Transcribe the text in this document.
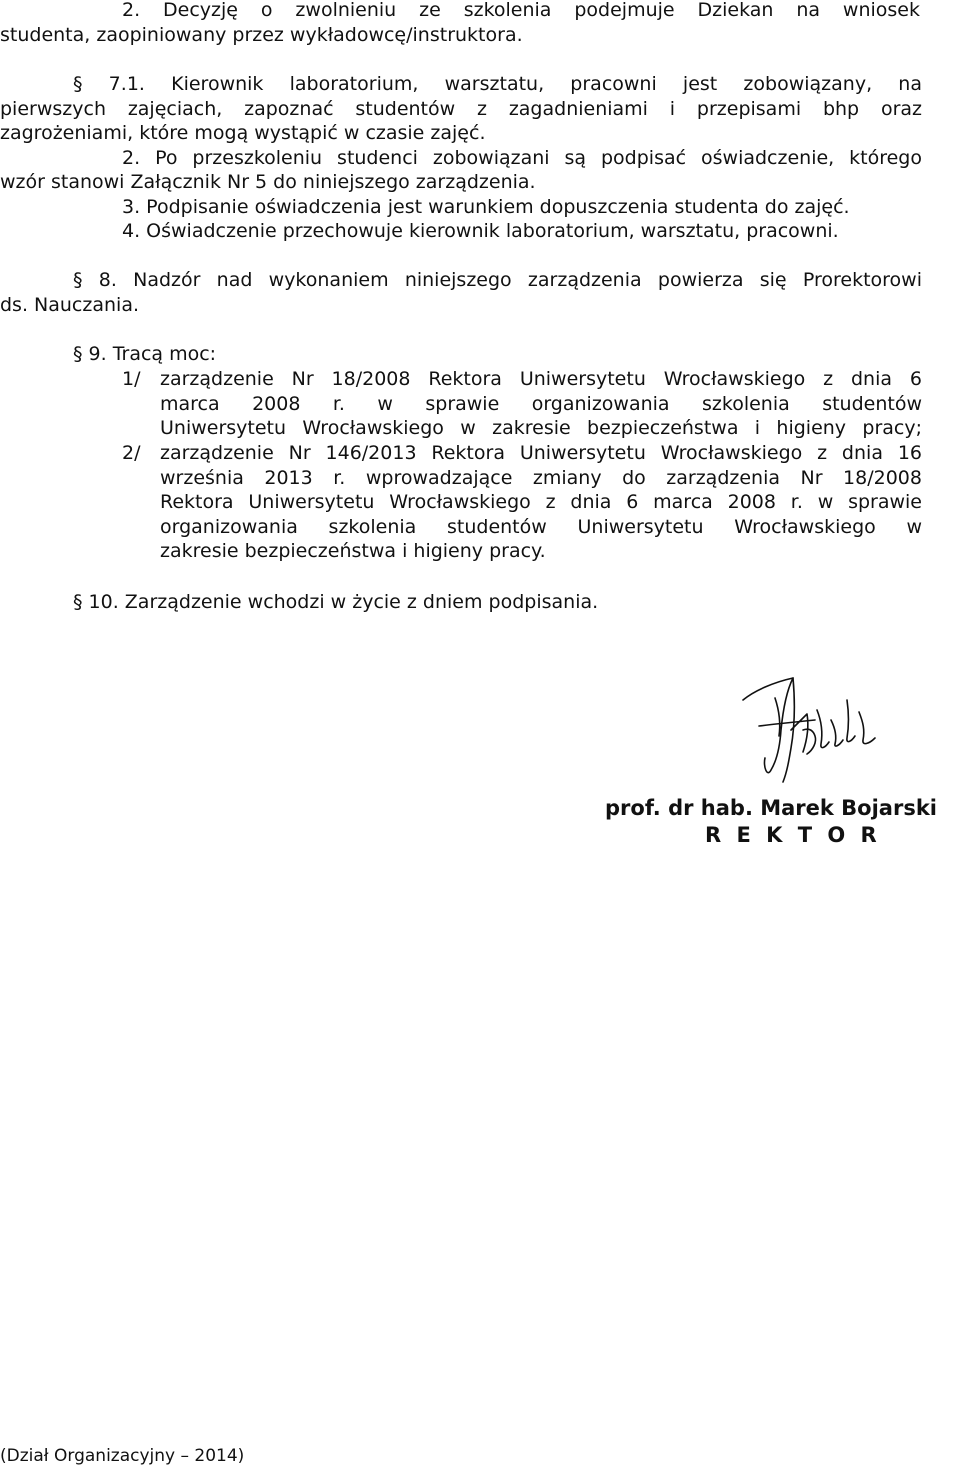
2. Decyzję o zwolnieniu ze szkolenia podejmuje Dziekan na wniosek
studenta, zaopiniowany przez wykładowcę/instruktora.
§ 7.1. Kierownik laboratorium, warsztatu, pracowni jest zobowiązany, na
pierwszych zajęciach, zapoznać studentów z zagadnieniami i przepisami bhp oraz
zagrożeniami, które mogą wystąpić w czasie zajęć.
2. Po przeszkoleniu studenci zobowiązani są podpisać oświadczenie, którego
wzór stanowi Załącznik Nr 5 do niniejszego zarządzenia.
3. Podpisanie oświadczenia jest warunkiem dopuszczenia studenta do zajęć.
4. Oświadczenie przechowuje kierownik laboratorium, warsztatu, pracowni.
§ 8. Nadzór nad wykonaniem niniejszego zarządzenia powierza się Prorektorowi
ds. Nauczania.
§ 9. Tracą moc:
1/ zarządzenie Nr 18/2008 Rektora Uniwersytetu Wrocławskiego z dnia 6
marca 2008 r. w sprawie organizowania szkolenia studentów
Uniwersytetu Wrocławskiego w zakresie bezpieczeństwa i higieny pracy;
2/ zarządzenie Nr 146/2013 Rektora Uniwersytetu Wrocławskiego z dnia 16
września 2013 r. wprowadzające zmiany do zarządzenia Nr 18/2008
Rektora Uniwersytetu Wrocławskiego z dnia 6 marca 2008 r. w sprawie
organizowania szkolenia studentów Uniwersytetu Wrocławskiego w
zakresie bezpieczeństwa i higieny pracy.
§ 10. Zarządzenie wchodzi w życie z dniem podpisania.
prof. dr hab. Marek Bojarski
R E K T O R
(Dział Organizacyjny – 2014)
